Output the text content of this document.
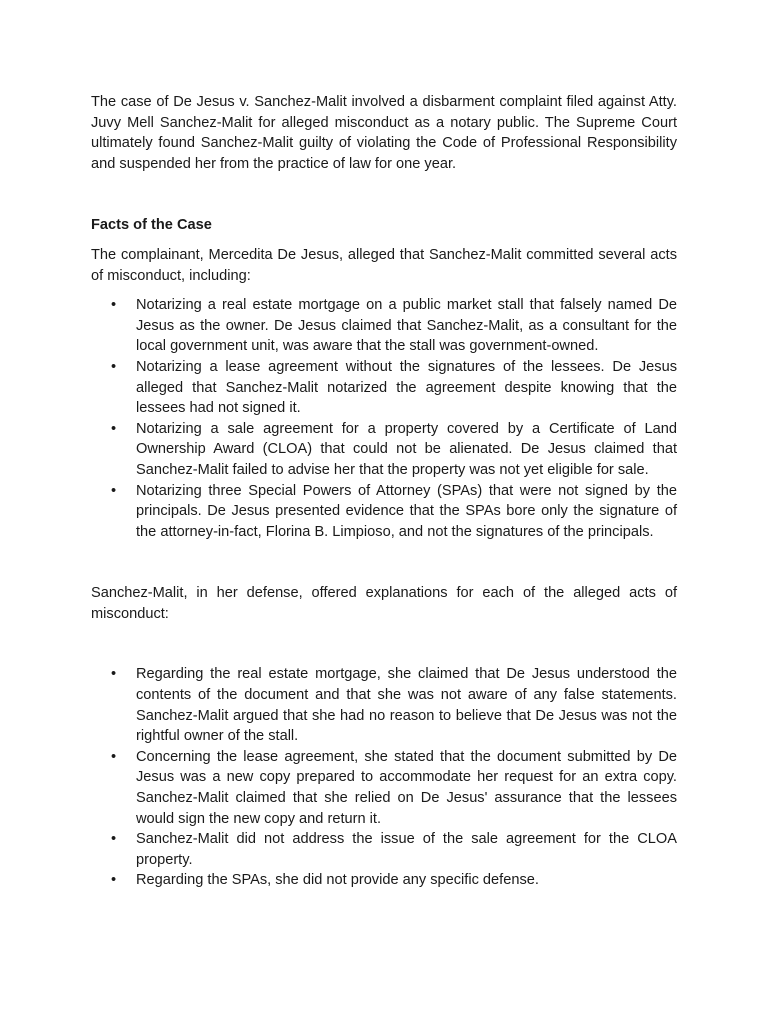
The case of De Jesus v. Sanchez-Malit involved a disbarment complaint filed against Atty. Juvy Mell Sanchez-Malit for alleged misconduct as a notary public. The Supreme Court ultimately found Sanchez-Malit guilty of violating the Code of Professional Responsibility and suspended her from the practice of law for one year.

Facts of the Case

The complainant, Mercedita De Jesus, alleged that Sanchez-Malit committed several acts of misconduct, including:

• Notarizing a real estate mortgage on a public market stall that falsely named De Jesus as the owner. De Jesus claimed that Sanchez-Malit, as a consultant for the local government unit, was aware that the stall was government-owned.
• Notarizing a lease agreement without the signatures of the lessees. De Jesus alleged that Sanchez-Malit notarized the agreement despite knowing that the lessees had not signed it.
• Notarizing a sale agreement for a property covered by a Certificate of Land Ownership Award (CLOA) that could not be alienated. De Jesus claimed that Sanchez-Malit failed to advise her that the property was not yet eligible for sale.
• Notarizing three Special Powers of Attorney (SPAs) that were not signed by the principals. De Jesus presented evidence that the SPAs bore only the signature of the attorney-in-fact, Florina B. Limpioso, and not the signatures of the principals.

Sanchez-Malit, in her defense, offered explanations for each of the alleged acts of misconduct:

• Regarding the real estate mortgage, she claimed that De Jesus understood the contents of the document and that she was not aware of any false statements. Sanchez-Malit argued that she had no reason to believe that De Jesus was not the rightful owner of the stall.
• Concerning the lease agreement, she stated that the document submitted by De Jesus was a new copy prepared to accommodate her request for an extra copy. Sanchez-Malit claimed that she relied on De Jesus' assurance that the lessees would sign the new copy and return it.
• Sanchez-Malit did not address the issue of the sale agreement for the CLOA property.
• Regarding the SPAs, she did not provide any specific defense.
